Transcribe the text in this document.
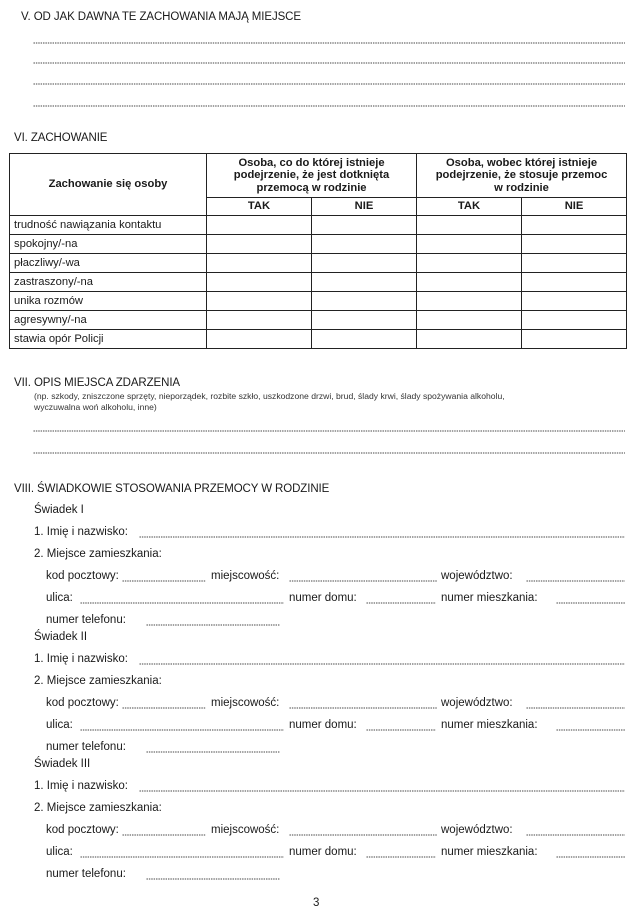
V. OD JAK DAWNA TE ZACHOWANIA MAJĄ MIEJSCE
VI. ZACHOWANIE
Zachowanie się osoby	Osoba, co do której istnieje podejrzenie, że jest dotknięta przemocą w rodzinie		Osoba, wobec której istnieje podejrzenie, że stosuje przemoc w rodzinie	
	TAK	NIE	TAK	NIE
trudność nawiązania kontaktu				
spokojny/-na				
płaczliwy/-wa				
zastraszony/-na				
unika rozmów				
agresywny/-na				
stawia opór Policji				
VII. OPIS MIEJSCA ZDARZENIA
(np. szkody, zniszczone sprzęty, nieporządek, rozbite szkło, uszkodzone drzwi, brud, ślady krwi, ślady spożywania alkoholu,
wyczuwalna woń alkoholu, inne)
VIII. ŚWIADKOWIE STOSOWANIA PRZEMOCY W RODZINIE
Świadek I
1. Imię i nazwisko:
2. Miejsce zamieszkania:
kod pocztowy:	miejscowość:	województwo:
ulica:	numer domu:	numer mieszkania:
numer telefonu:
Świadek II
1. Imię i nazwisko:
2. Miejsce zamieszkania:
kod pocztowy:	miejscowość:	województwo:
ulica:	numer domu:	numer mieszkania:
numer telefonu:
Świadek III
1. Imię i nazwisko:
2. Miejsce zamieszkania:
kod pocztowy:	miejscowość:	województwo:
ulica:	numer domu:	numer mieszkania:
numer telefonu:
3
